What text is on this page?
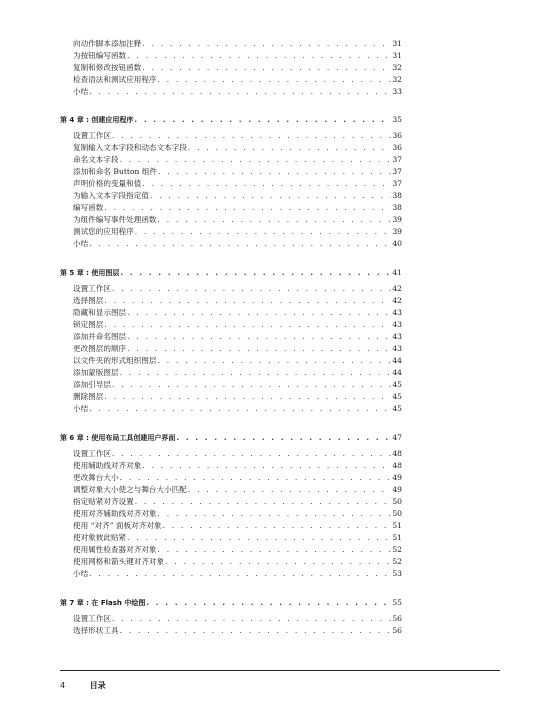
向动作脚本添加注释 . . .	31
为按钮编写函数 . . .	31
复制和修改按钮函数 . . .	32
检查语法和测试应用程序 . . .	32
小结 . . .	33
第 4 章 : 创建应用程序 . . .	35
设置工作区 . . .	36
复制输入文本字段和动态文本字段 . . .	36
命名文本字段 . . .	37
添加和命名 Button 组件 . . .	37
声明价格的变量和值 . . .	37
为输入文本字段指定值 . . .	38
编写函数 . . .	38
为组件编写事件处理函数 . . .	39
测试您的应用程序 . . .	39
小结 . . .	40
第 5 章 : 使用图层 . . .	41
设置工作区 . . .	42
选择图层 . . .	42
隐藏和显示图层 . . .	43
锁定图层 . . .	43
添加并命名图层 . . .	43
更改图层的顺序 . . .	43
以文件夹的形式组织图层 . . .	44
添加蒙版图层 . . .	44
添加引导层 . . .	45
删除图层 . . .	45
小结 . . .	45
第 6 章 : 使用布局工具创建用户界面 . . .	47
设置工作区 . . .	48
使用辅助线对齐对象 . . .	48
更改舞台大小 . . .	49
调整对象大小使之与舞台大小匹配 . . .	49
指定贴紧对齐设置 . . .	50
使用对齐辅助线对齐对象 . . .	50
使用 “对齐” 面板对齐对象 . . .	51
使对象彼此贴紧 . . .	51
使用属性检查器对齐对象 . . .	52
使用网格和箭头键对齐对象 . . .	52
小结 . . .	53
第 7 章 : 在 Flash 中绘图 . . .	55
设置工作区 . . .	56
选择形状工具 . . .	56
4	目录
